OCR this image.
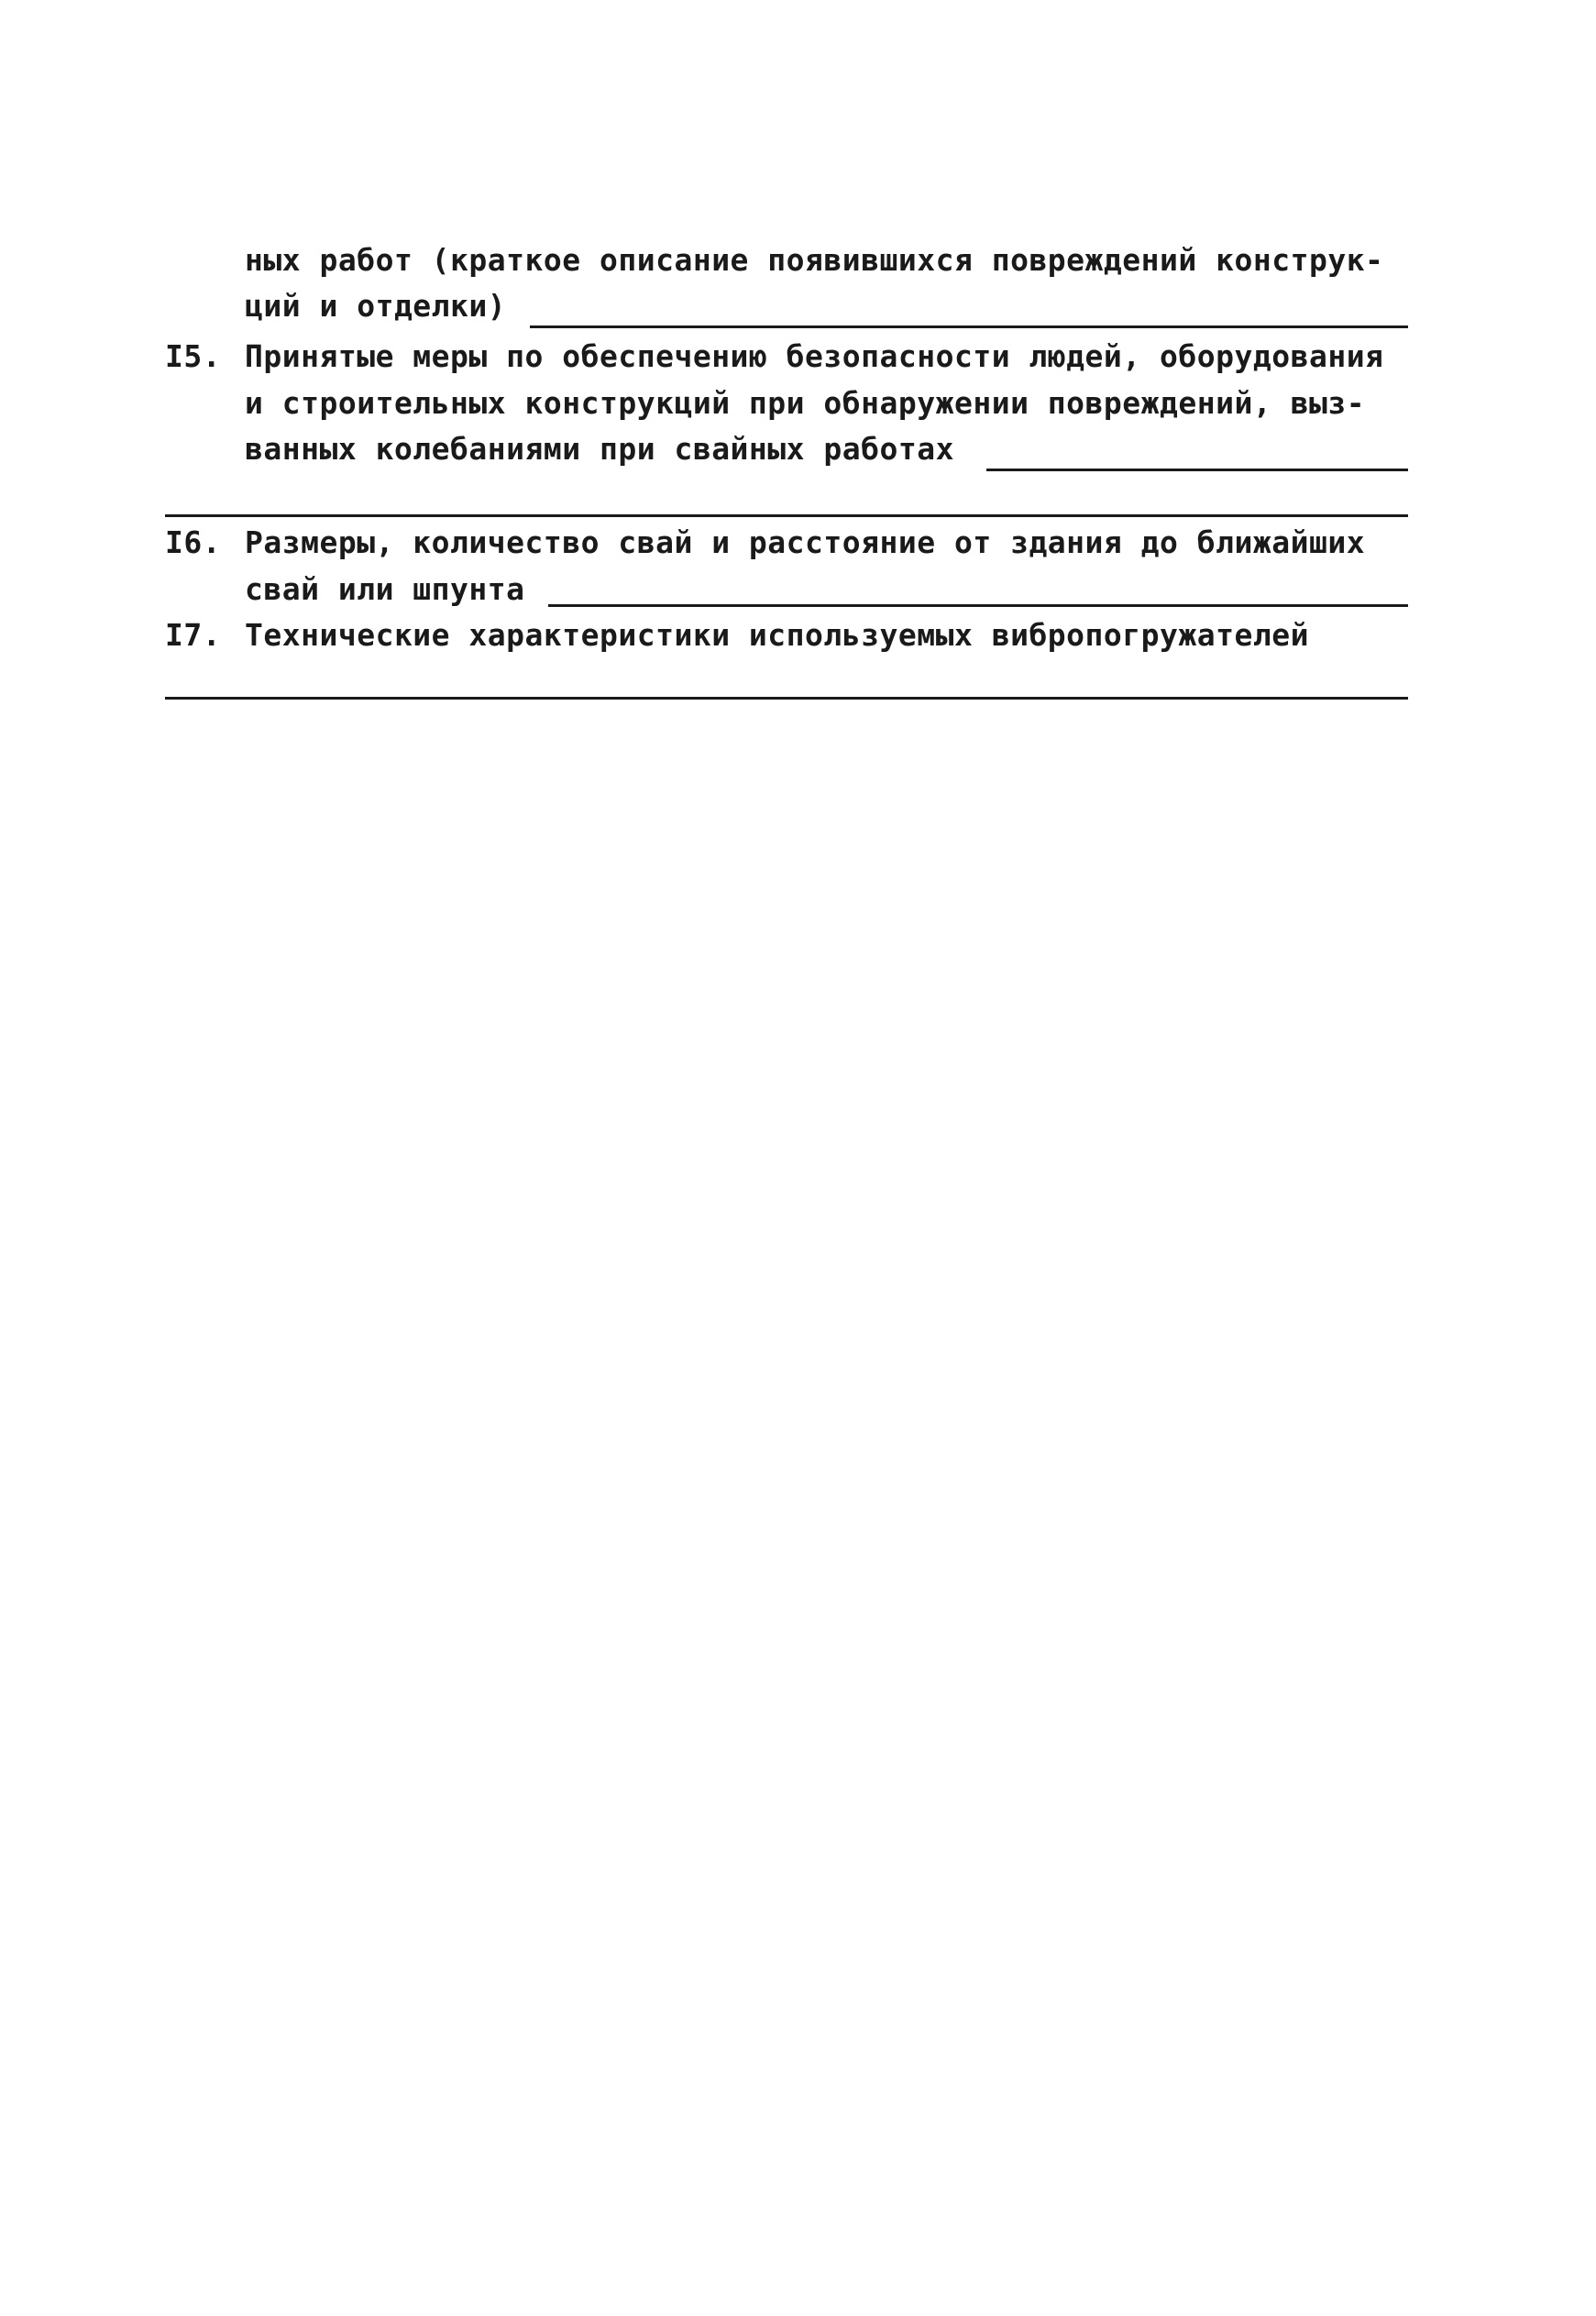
ных работ (краткое описание появившихся повреждений конструк-
ций и отделки)
I5. Принятые меры по обеспечению безопасности людей, оборудования
и строительных конструкций при обнаружении повреждений, выз-
ванных колебаниями при свайных работах
I6. Размеры, количество свай и расстояние от здания до ближайших
свай или шпунта
I7. Технические характеристики используемых вибропогружателей
